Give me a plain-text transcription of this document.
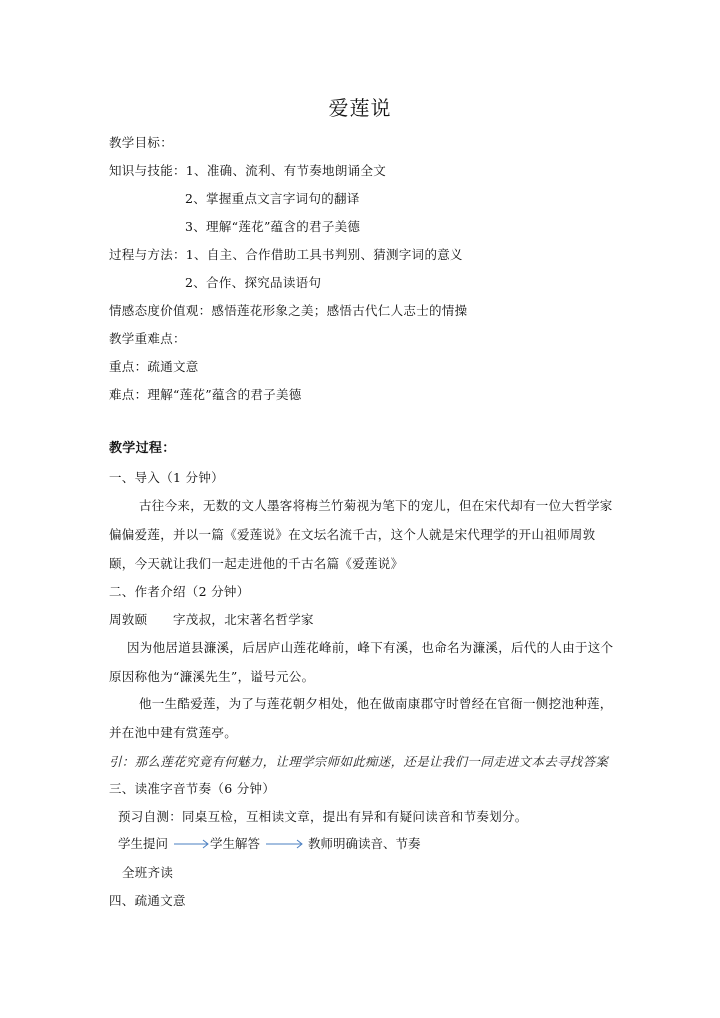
爱莲说
教学目标：
知识与技能：1、准确、流利、有节奏地朗诵全文
2、掌握重点文言字词句的翻译
3、理解“莲花”蕴含的君子美德
过程与方法：1、自主、合作借助工具书判别、猜测字词的意义
2、合作、探究品读语句
情感态度价值观：感悟莲花形象之美；感悟古代仁人志士的情操
教学重难点：
重点：疏通文意
难点：理解“莲花”蕴含的君子美德
教学过程：
一、导入（1 分钟）
古往今来，无数的文人墨客将梅兰竹菊视为笔下的宠儿，但在宋代却有一位大哲学家偏偏爱莲，并以一篇《爱莲说》在文坛名流千古，这个人就是宋代理学的开山祖师周敦颐，今天就让我们一起走进他的千古名篇《爱莲说》
二、作者介绍（2 分钟）
周敦颐　　字茂叔，北宋著名哲学家
因为他居道县濂溪，后居庐山莲花峰前，峰下有溪，也命名为濂溪，后代的人由于这个原因称他为“濂溪先生”，谥号元公。
他一生酷爱莲，为了与莲花朝夕相处，他在做南康郡守时曾经在官衙一侧挖池种莲，并在池中建有赏莲亭。
引：那么莲花究竟有何魅力，让理学宗师如此痴迷，还是让我们一同走进文本去寻找答案
三、读准字音节奏（6 分钟）
预习自测：同桌互检，互相读文章，提出有异和有疑问读音和节奏划分。
学生提问	学生解答	教师明确读音、节奏
全班齐读
四、疏通文意
